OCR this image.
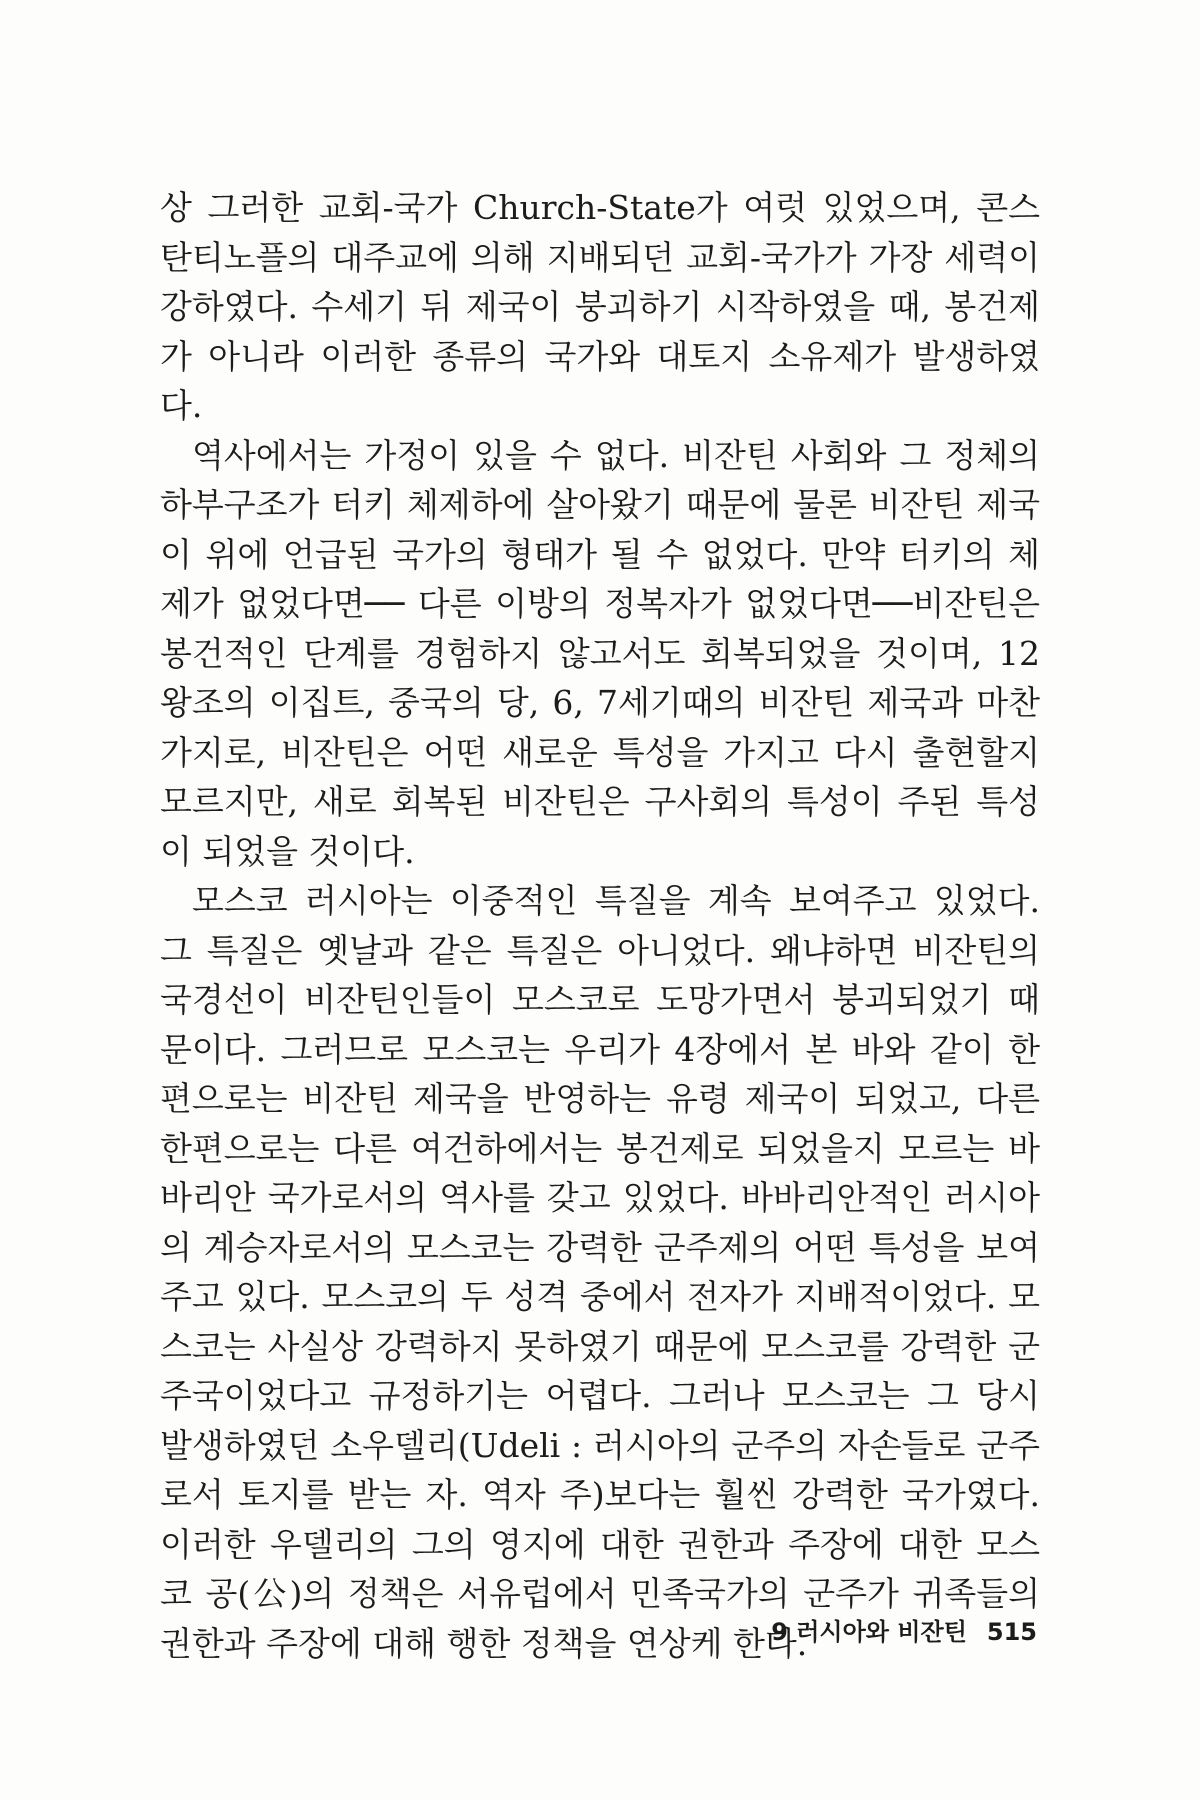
상 그러한 교회-국가 Church-State가 여럿 있었으며, 콘스탄티노플의 대주교에 의해 지배되던 교회-국가가 가장 세력이 강하였다. 수세기 뒤 제국이 붕괴하기 시작하였을 때, 봉건제가 아니라 이러한 종류의 국가와 대토지 소유제가 발생하였다.

역사에서는 가정이 있을 수 없다. 비잔틴 사회와 그 정체의 하부구조가 터키 체제하에 살아왔기 때문에 물론 비잔틴 제국이 위에 언급된 국가의 형태가 될 수 없었다. 만약 터키의 체제가 없었다면── 다른 이방의 정복자가 없었다면──비잔틴은 봉건적인 단계를 경험하지 않고서도 회복되었을 것이며, 12왕조의 이집트, 중국의 당, 6, 7세기때의 비잔틴 제국과 마찬가지로, 비잔틴은 어떤 새로운 특성을 가지고 다시 출현할지 모르지만, 새로 회복된 비잔틴은 구사회의 특성이 주된 특성이 되었을 것이다.

모스코 러시아는 이중적인 특질을 계속 보여주고 있었다. 그 특질은 옛날과 같은 특질은 아니었다. 왜냐하면 비잔틴의 국경선이 비잔틴인들이 모스코로 도망가면서 붕괴되었기 때문이다. 그러므로 모스코는 우리가 4장에서 본 바와 같이 한편으로는 비잔틴 제국을 반영하는 유령 제국이 되었고, 다른 한편으로는 다른 여건하에서는 봉건제로 되었을지 모르는 바바리안 국가로서의 역사를 갖고 있었다. 바바리안적인 러시아의 계승자로서의 모스코는 강력한 군주제의 어떤 특성을 보여주고 있다. 모스코의 두 성격 중에서 전자가 지배적이었다. 모스코는 사실상 강력하지 못하였기 때문에 모스코를 강력한 군주국이었다고 규정하기는 어렵다. 그러나 모스코는 그 당시 발생하였던 소우델리(Udeli : 러시아의 군주의 자손들로 군주로서 토지를 받는 자. 역자 주)보다는 훨씬 강력한 국가였다. 이러한 우델리의 그의 영지에 대한 권한과 주장에 대한 모스코 공(公)의 정책은 서유럽에서 민족국가의 군주가 귀족들의 권한과 주장에 대해 행한 정책을 연상케 한다.

9 러시아와 비잔틴 515
